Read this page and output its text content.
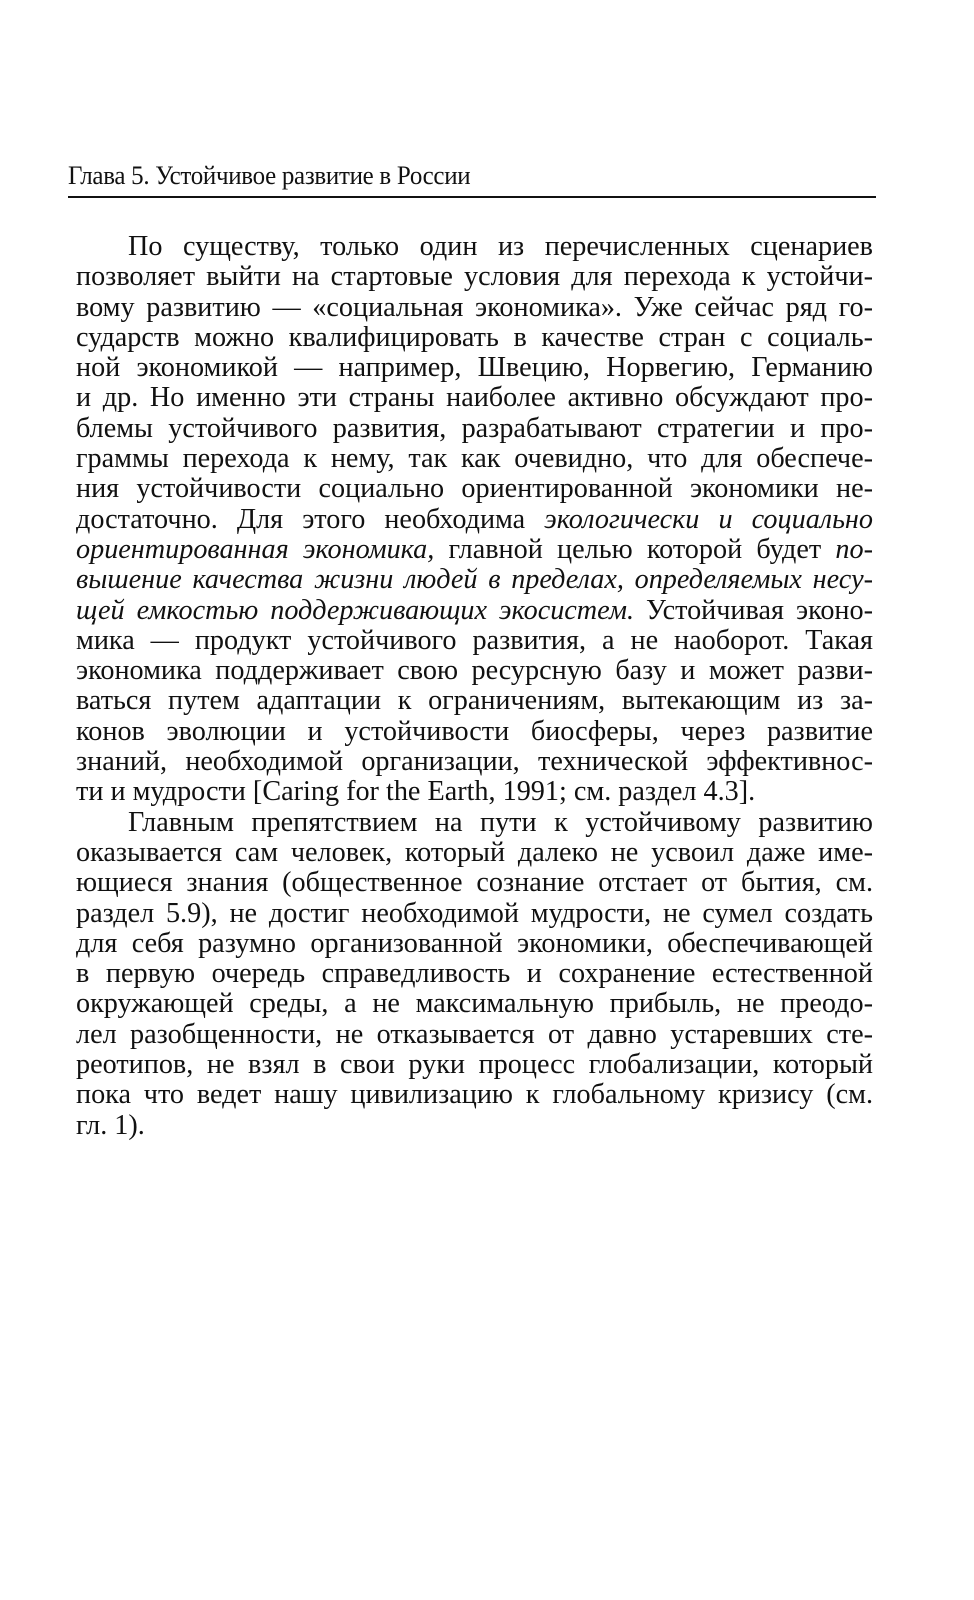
Глава 5. Устойчивое развитие в России
По существу, только один из перечисленных сценариев
позволяет выйти на стартовые условия для перехода к устойчи-
вому развитию — «социальная экономика». Уже сейчас ряд го-
сударств можно квалифицировать в качестве стран с социаль-
ной экономикой — например, Швецию, Норвегию, Германию
и др. Но именно эти страны наиболее активно обсуждают про-
блемы устойчивого развития, разрабатывают стратегии и про-
граммы перехода к нему, так как очевидно, что для обеспече-
ния устойчивости социально ориентированной экономики не-
достаточно. Для этого необходима экологически и социально
ориентированная экономика, главной целью которой будет по-
вышение качества жизни людей в пределах, определяемых несу-
щей емкостью поддерживающих экосистем. Устойчивая эконо-
мика — продукт устойчивого развития, а не наоборот. Такая
экономика поддерживает свою ресурсную базу и может разви-
ваться путем адаптации к ограничениям, вытекающим из за-
конов эволюции и устойчивости биосферы, через развитие
знаний, необходимой организации, технической эффективнос-
ти и мудрости [Caring for the Earth, 1991; см. раздел 4.3].
Главным препятствием на пути к устойчивому развитию
оказывается сам человек, который далеко не усвоил даже име-
ющиеся знания (общественное сознание отстает от бытия, см.
раздел 5.9), не достиг необходимой мудрости, не сумел создать
для себя разумно организованной экономики, обеспечивающей
в первую очередь справедливость и сохранение естественной
окружающей среды, а не максимальную прибыль, не преодо-
лел разобщенности, не отказывается от давно устаревших сте-
реотипов, не взял в свои руки процесс глобализации, который
пока что ведет нашу цивилизацию к глобальному кризису (см.
гл. 1).
